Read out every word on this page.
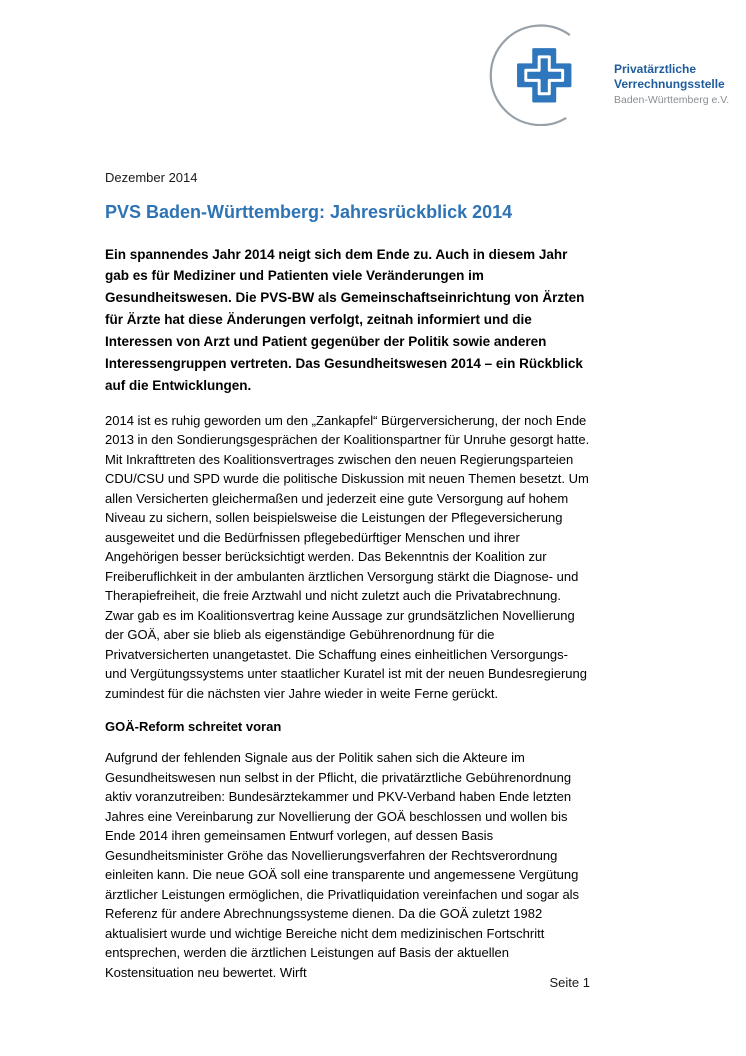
Privatärztliche
Verrechnungsstelle
Baden-Württemberg e.V.
Dezember 2014
PVS Baden-Württemberg: Jahresrückblick 2014

Ein spannendes Jahr 2014 neigt sich dem Ende zu. Auch in diesem Jahr gab es für Mediziner und Patienten viele Veränderungen im Gesundheitswesen. Die PVS-BW als Gemeinschaftseinrichtung von Ärzten für Ärzte hat diese Änderungen verfolgt, zeitnah informiert und die Interessen von Arzt und Patient gegenüber der Politik sowie anderen Interessengruppen vertreten. Das Gesundheitswesen 2014 – ein Rückblick auf die Entwicklungen.

2014 ist es ruhig geworden um den „Zankapfel“ Bürgerversicherung, der noch Ende 2013 in den Sondierungsgesprächen der Koalitionspartner für Unruhe gesorgt hatte. Mit Inkrafttreten des Koalitionsvertrages zwischen den neuen Regierungsparteien CDU/CSU und SPD wurde die politische Diskussion mit neuen Themen besetzt. Um allen Versicherten gleichermaßen und jederzeit eine gute Versorgung auf hohem Niveau zu sichern, sollen beispielsweise die Leistungen der Pflegeversicherung ausgeweitet und die Bedürfnissen pflegebedürftiger Menschen und ihrer Angehörigen besser berücksichtigt werden. Das Bekenntnis der Koalition zur Freiberuflichkeit in der ambulanten ärztlichen Versorgung stärkt die Diagnose- und Therapiefreiheit, die freie Arztwahl und nicht zuletzt auch die Privatabrechnung. Zwar gab es im Koalitionsvertrag keine Aussage zur grundsätzlichen Novellierung der GOÄ, aber sie blieb als eigenständige Gebührenordnung für die Privatversicherten unangetastet. Die Schaffung eines einheitlichen Versorgungs- und Vergütungssystems unter staatlicher Kuratel ist mit der neuen Bundesregierung zumindest für die nächsten vier Jahre wieder in weite Ferne gerückt.

GOÄ-Reform schreitet voran

Aufgrund der fehlenden Signale aus der Politik sahen sich die Akteure im Gesundheitswesen nun selbst in der Pflicht, die privatärztliche Gebührenordnung aktiv voranzutreiben: Bundesärztekammer und PKV-Verband haben Ende letzten Jahres eine Vereinbarung zur Novellierung der GOÄ beschlossen und wollen bis Ende 2014 ihren gemeinsamen Entwurf vorlegen, auf dessen Basis Gesundheitsminister Gröhe das Novellierungsverfahren der Rechtsverordnung einleiten kann. Die neue GOÄ soll eine transparente und angemessene Vergütung ärztlicher Leistungen ermöglichen, die Privatliquidation vereinfachen und sogar als Referenz für andere Abrechnungssysteme dienen. Da die GOÄ zuletzt 1982 aktualisiert wurde und wichtige Bereiche nicht dem medizinischen Fortschritt entsprechen, werden die ärztlichen Leistungen auf Basis der aktuellen Kostensituation neu bewertet. Wirft

Seite 1
